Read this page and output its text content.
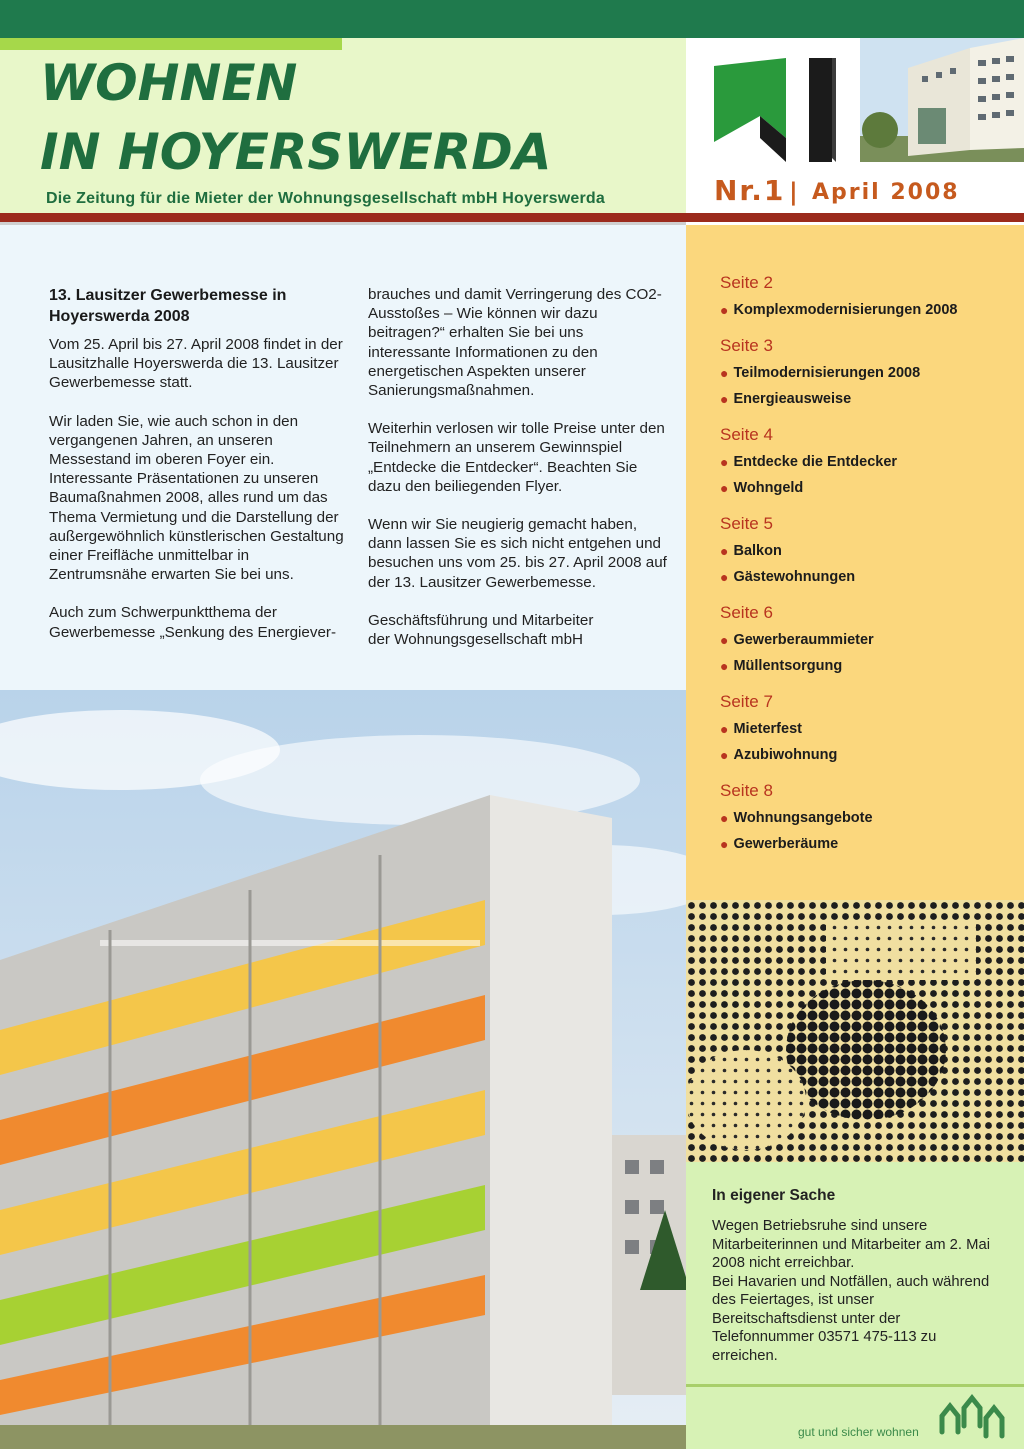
WOHNEN
IN HOYERSWERDA
Die Zeitung für die Mieter der Wohnungsgesellschaft mbH Hoyerswerda	Nr.1 | April 2008
13. Lausitzer Gewerbemesse in Hoyerswerda 2008

Vom 25. April bis 27. April 2008 findet in der Lausitzhalle Hoyerswerda die 13. Lausitzer Gewerbemesse statt.

Wir laden Sie, wie auch schon in den vergangenen Jahren, an unseren Messestand im oberen Foyer ein. Interessante Präsentationen zu unseren Baumaßnahmen 2008, alles rund um das Thema Vermietung und die Darstellung der außergewöhnlich künstlerischen Gestaltung einer Freifläche unmittelbar in Zentrumsnähe erwarten Sie bei uns.

Auch zum Schwerpunktthema der Gewerbemesse „Senkung des Energiever-

brauches und damit Verringerung des CO2-Ausstoßes – Wie können wir dazu beitragen?“ erhalten Sie bei uns interessante Informationen zu den energetischen Aspekten unserer Sanierungsmaßnahmen.

Weiterhin verlosen wir tolle Preise unter den Teilnehmern an unserem Gewinnspiel „Entdecke die Entdecker“. Beachten Sie dazu den beiliegenden Flyer.

Wenn wir Sie neugierig gemacht haben, dann lassen Sie es sich nicht entgehen und besuchen uns vom 25. bis 27. April 2008 auf der 13. Lausitzer Gewerbemesse.

Geschäftsführung und Mitarbeiter
der Wohnungsgesellschaft mbH
Seite 2
● Komplexmodernisierungen 2008
Seite 3
● Teilmodernisierungen 2008
● Energieausweise
Seite 4
● Entdecke die Entdecker
● Wohngeld
Seite 5
● Balkon
● Gästewohnungen
Seite 6
● Gewerberaummieter
● Müllentsorgung
Seite 7
● Mieterfest
● Azubiwohnung
Seite 8
● Wohnungsangebote
● Gewerberäume
In eigener Sache
Wegen Betriebsruhe sind unsere Mitarbeiterinnen und Mitarbeiter am 2. Mai 2008 nicht erreichbar.
Bei Havarien und Notfällen, auch während des Feiertages, ist unser Bereitschaftsdienst unter der Telefonnummer 03571 475-113 zu erreichen.
gut und sicher wohnen
